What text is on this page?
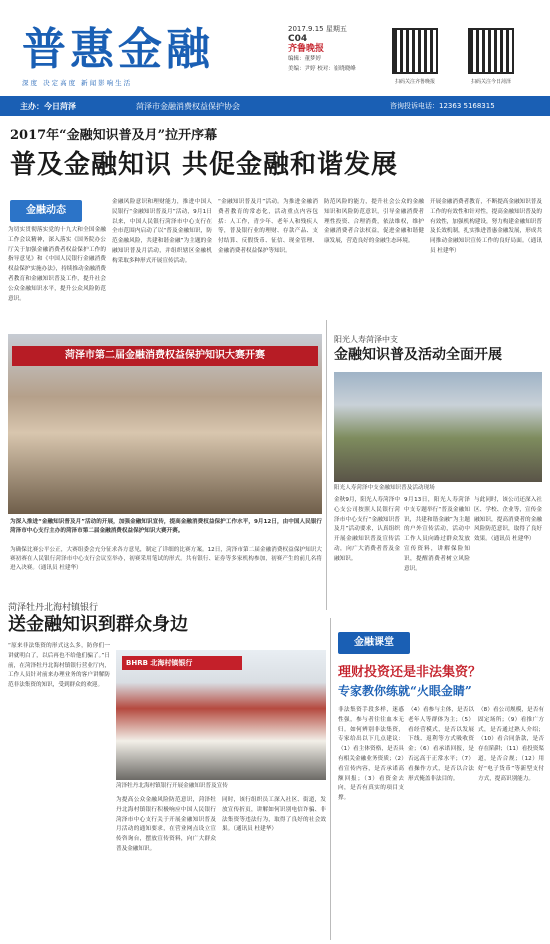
普惠金融
深度 决定高度 新闻影响生活
2017.9.15 星期五
C04
齐鲁晚报
编辑：董梦婷
美编：尹婷 校对：崔晓晓峰
扫码关注齐鲁晚报	扫码关注今日菏泽
主办：今日菏泽	菏泽市金融消费权益保护协会	咨询投诉电话：12363 5168315
2017年“金融知识普及月”拉开序幕
普及金融知识 共促金融和谐发展
金融动态
为切实贯彻落实党的十九大和全国金融工作会议精神，深入落实《国务院办公厅关于加强金融消费者权益保护工作的指导意见》和《中国人民银行金融消费权益保护实施办法》，持续推动金融消费者教育和金融知识普及工作，提升社会公众金融知识水平，提升公众风险防范意识。
金融风险意识和理财能力，推进中国人民银行“金融知识普及月”活动，9月1日以来，中国人民银行菏泽市中心支行在全市范围内启动了以“普及金融知识，防范金融风险，共建和谐金融”为主题的金融知识普及月活动，并组织辖区金融机构采取多种形式开展宣传活动。
“金融知识普及月”活动。为推进金融消费者教育的常态化，活动重点内容包括：人工作，青少年、老年人和残疾人等，普及银行业的理财、存款产品、支付结算、反假货币、征信、现金管理、金融消费者权益保护等知识。
防范风险的能力，提升社会公众的金融知识和风险防范意识，引导金融消费者理性投资、合理消费，依法维权，维护金融消费者合法权益，促进金融和谐健康发展，营造良好的金融生态环境。
开展金融消费者教育，不断提高金融知识普及工作的有效性和针对性，提高金融知识普及的有效性，加强机构建设，努力构建金融知识普及长效机制，扎实推进普惠金融发展，形成共同推动金融知识宣传工作的良好局面。（通讯员 杜建华）
菏泽市第二届金融消费权益保护知识大赛开赛
为深入推进“金融知识普及月”活动的开展，加强金融知识宣传，提高金融消费权益保护工作水平，9月12日，由中国人民银行菏泽市中心支行主办的菏泽市第二届金融消费权益保护知识大赛开赛。
为确保比赛公平公正，大赛组委会充分征求各方意见，制定了详细的比赛方案。12日，菏泽市第二届金融消费权益保护知识大赛初赛在人民银行菏泽市中心支行会议室举办，初赛采用笔试的形式。共有银行、证券等多家机构参加，初赛产生的前几名将进入决赛。（通讯员 杜建华）
阳光人寿菏泽中支
金融知识普及活动全面开展
阳光人寿菏泽中支金融知识普及活动现场
金秋9月，阳光人寿菏泽中心支公司按照人民银行菏泽市中心支行“金融知识普及月”活动要求，认真组织开展金融知识普及宣传活动，向广大消费者普及金融知识。
9月13日，阳光人寿菏泽中支专题举行“普及金融知识，共建和谐金融”为主题的户外宣传活动，活动中工作人员向路过群众发放宣传资料，讲解保险知识，提醒消费者树立风险意识。
与此同时，该公司还深入社区、学校、企业等，宣传金融知识，提高消费者的金融风险防范意识，取得了良好效果。（通讯员 杜建华）
菏泽牡丹北海村镇银行
送金融知识到群众身边
“原来非法集资的形式这么多，防你们一讲就明白了，以后再也不给他们骗了。”日前，在菏泽牡丹北海村镇银行营业厅内，工作人员针对前来办理业务的客户讲解防范非法集资的知识，受到群众的欢迎。
BHRB 北海村镇银行
菏泽牡丹北海村镇银行开展金融知识普及宣传
为提高公众金融风险防范意识，菏泽牡丹北海村镇银行积极响应中国人民银行菏泽市中心支行关于开展金融知识普及月活动的通知要求，在营业网点设立宣传咨询台，摆放宣传资料，向广大群众普及金融知识。
同时，该行组织员工深入社区、街道，发放宣传折页，讲解如何识别电信诈骗、非法集资等违法行为，取得了良好的社会效果。（通讯员 杜建华）
金融课堂
理财投资还是非法集资？
专家教你练就“火眼金睛”
非法集资手段多样，迷惑性强，参与者往往血本无归。如何辨别非法集资，专家给出以下几点建议：（1）看主体资格，是否具有相关金融业务资质；（2）看宣传内容，是否承诺高额回报；（3）看资金去向，是否有真实的项目支撑。
（4）看参与主体，是否以老年人等群体为主；（5）看经营模式，是否以发展下线、返利等方式吸收资金；（6）看承诺回报，是否远高于正常水平；（7）看操作方式，是否以合法形式掩盖非法目的。
（8）看公司规模，是否有固定场所；（9）看推广方式，是否通过熟人介绍；（10）看合同条款，是否存在陷阱；（11）看投资渠道，是否合规；（12）用好“电子货币”等新型支付方式，提高识别能力。
